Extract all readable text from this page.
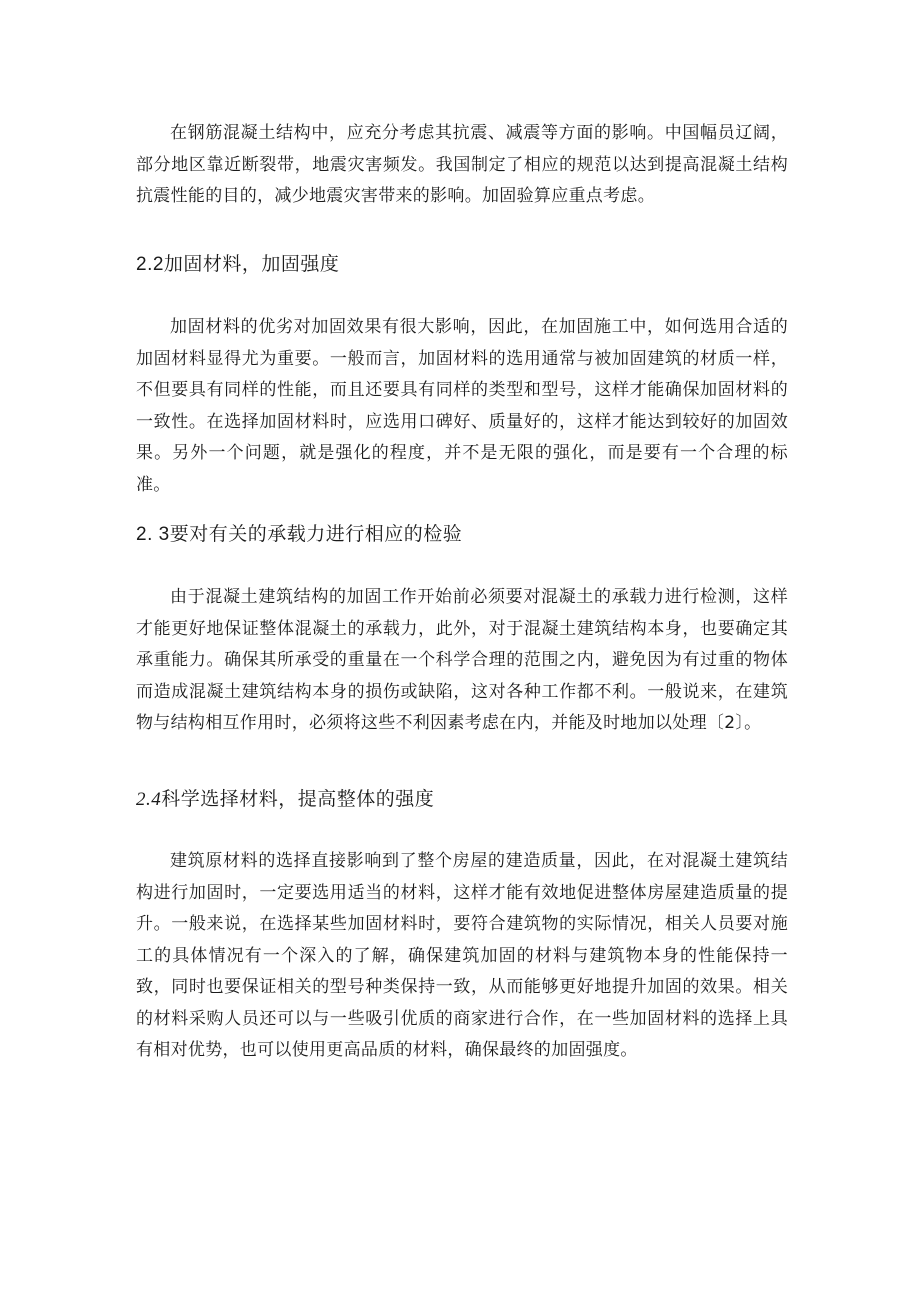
在钢筋混凝土结构中，应充分考虑其抗震、减震等方面的影响。中国幅员辽阔，部分地区靠近断裂带，地震灾害频发。我国制定了相应的规范以达到提高混凝土结构抗震性能的目的，减少地震灾害带来的影响。加固验算应重点考虑。

2.2加固材料，加固强度

加固材料的优劣对加固效果有很大影响，因此，在加固施工中，如何选用合适的加固材料显得尤为重要。一般而言，加固材料的选用通常与被加固建筑的材质一样，不但要具有同样的性能，而且还要具有同样的类型和型号，这样才能确保加固材料的一致性。在选择加固材料时，应选用口碑好、质量好的，这样才能达到较好的加固效果。另外一个问题，就是强化的程度，并不是无限的强化，而是要有一个合理的标准。

2. 3要对有关的承载力进行相应的检验

由于混凝土建筑结构的加固工作开始前必须要对混凝土的承载力进行检测，这样才能更好地保证整体混凝土的承载力，此外，对于混凝土建筑结构本身，也要确定其承重能力。确保其所承受的重量在一个科学合理的范围之内，避免因为有过重的物体而造成混凝土建筑结构本身的损伤或缺陷，这对各种工作都不利。一般说来，在建筑物与结构相互作用时，必须将这些不利因素考虑在内，并能及时地加以处理〔2〕。

2.4科学选择材料，提高整体的强度

建筑原材料的选择直接影响到了整个房屋的建造质量，因此，在对混凝土建筑结构进行加固时，一定要选用适当的材料，这样才能有效地促进整体房屋建造质量的提升。一般来说，在选择某些加固材料时，要符合建筑物的实际情况，相关人员要对施工的具体情况有一个深入的了解，确保建筑加固的材料与建筑物本身的性能保持一致，同时也要保证相关的型号种类保持一致，从而能够更好地提升加固的效果。相关的材料采购人员还可以与一些吸引优质的商家进行合作，在一些加固材料的选择上具有相对优势，也可以使用更高品质的材料，确保最终的加固强度。
